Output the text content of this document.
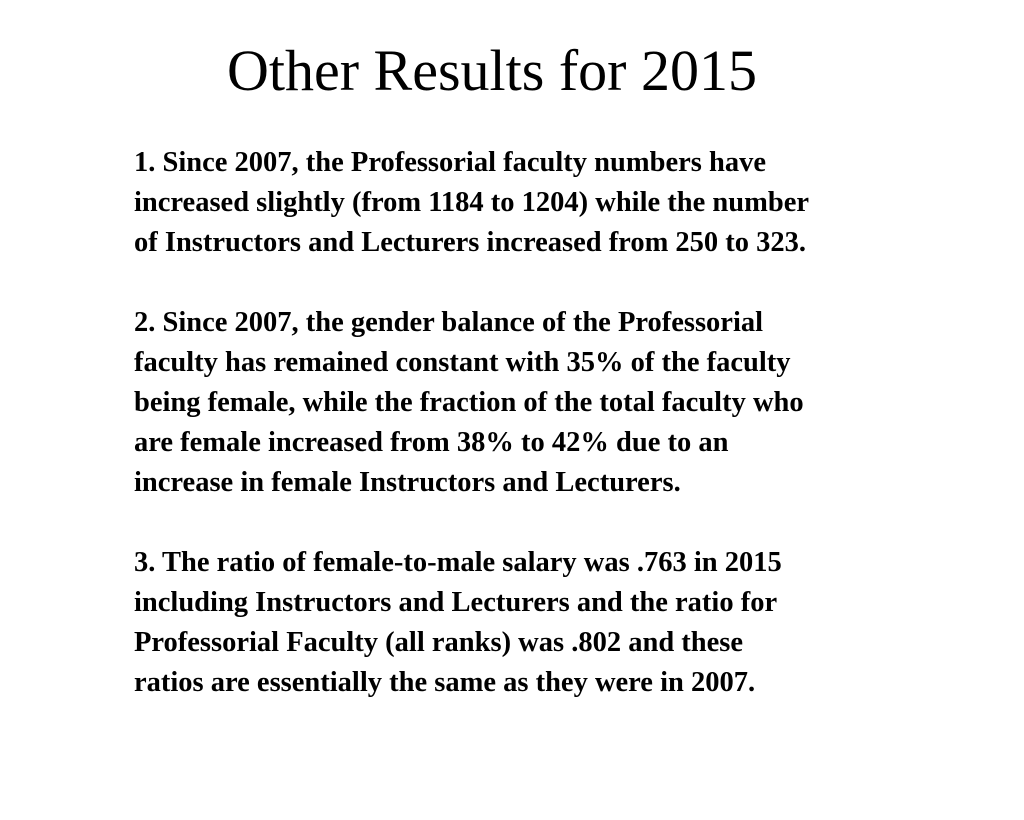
Other Results for 2015

1. Since 2007, the Professorial faculty numbers have
increased slightly (from 1184 to 1204) while the number
of Instructors and Lecturers increased from 250 to 323.

2. Since 2007, the gender balance of the Professorial
faculty has remained constant with 35% of the faculty
being female, while the fraction of the total faculty who
are female increased from 38% to 42% due to an
increase in female Instructors and Lecturers.

3. The ratio of female-to-male salary was .763 in 2015
including Instructors and Lecturers and the ratio for
Professorial Faculty (all ranks) was .802 and these
ratios are essentially the same as they were in 2007.
